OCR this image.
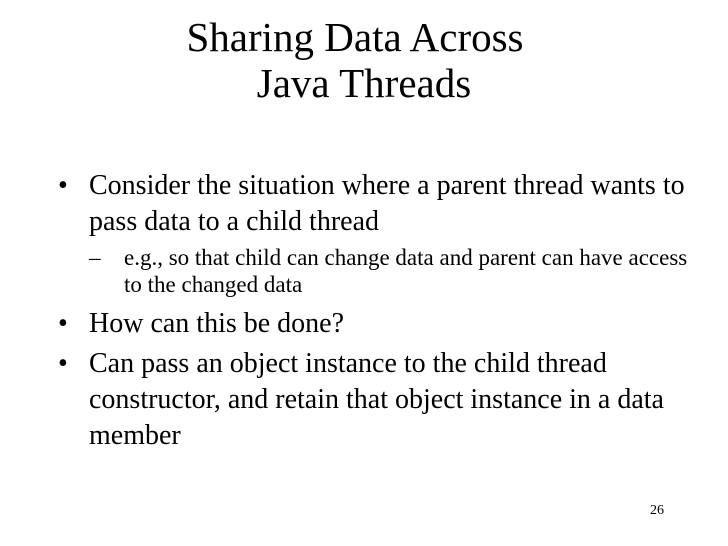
Sharing Data Across
Java Threads
• Consider the situation where a parent thread wants to pass data to a child thread
– e.g., so that child can change data and parent can have access to the changed data
• How can this be done?
• Can pass an object instance to the child thread constructor, and retain that object instance in a data member
26
